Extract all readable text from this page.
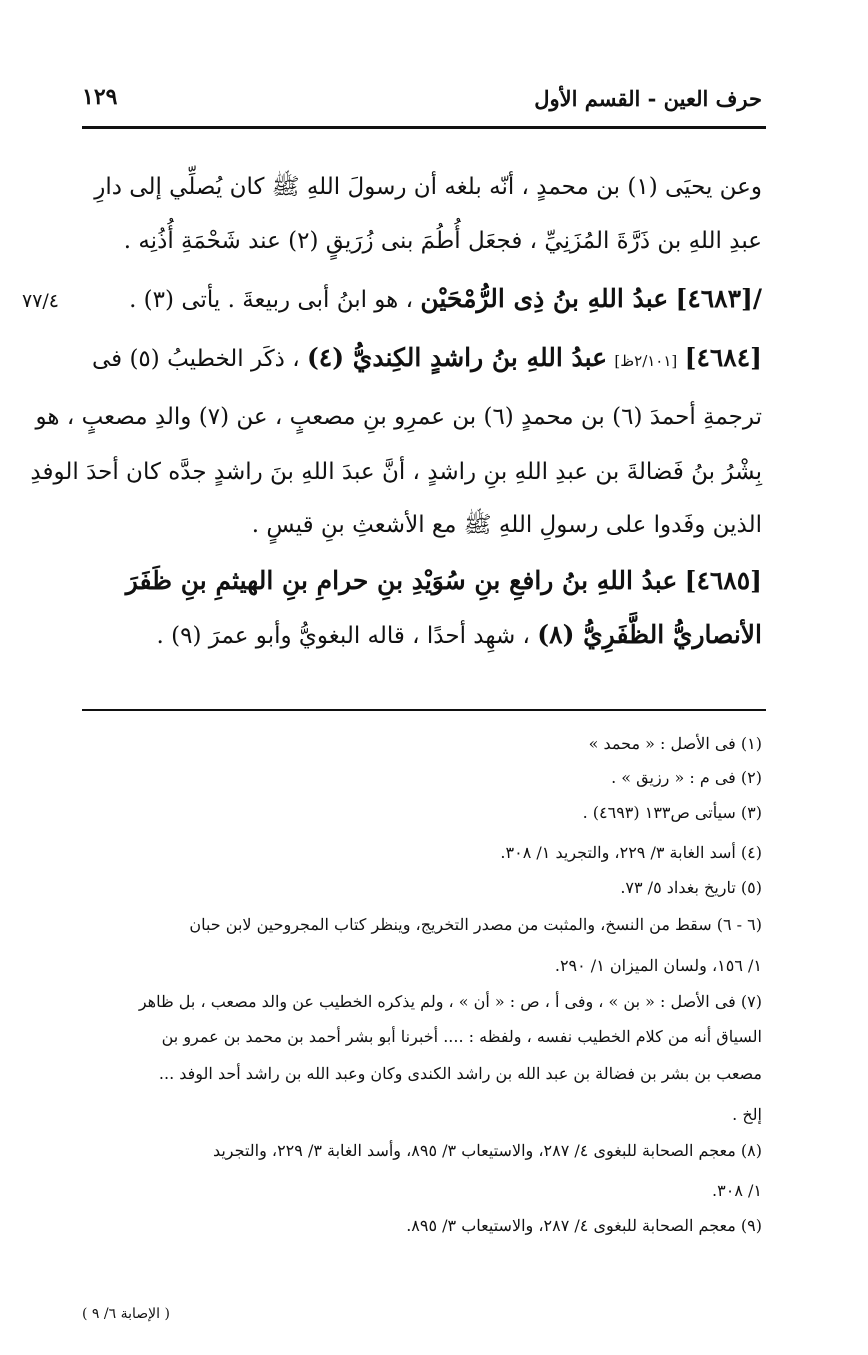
١٢٩	حرف العين - القسم الأول
٧٧/٤
وعن يحيَى (١) بن محمدٍ ، أنّه بلغه أن رسولَ اللهِ ﷺ كان يُصلِّي إلى دارِ
عبدِ اللهِ بن ذَرَّةَ المُزَنِيِّ ، فجعَل أُطُمَ بنى زُرَيقٍ (٢) عند شَحْمَةِ أُذُنِه .
/[٤٦٨٣] عبدُ اللهِ بنُ ذِى الرُّمْحَيْن ، هو ابنُ أبى ربيعةَ . يأتى (٣) .
[٤٦٨٤] [٢/١٠١ظ] عبدُ اللهِ بنُ راشدٍ الكِنديُّ (٤) ، ذكَر الخطيبُ (٥) فى
ترجمةِ أحمدَ (٦) بن محمدٍ (٦) بن عمرِو بنِ مصعبٍ ، عن (٧) والدِ مصعبٍ ، هو
بِشْرُ بنُ فَضالةَ بن عبدِ اللهِ بنِ راشدٍ ، أنَّ عبدَ اللهِ بنَ راشدٍ جدَّه كان أحدَ الوفدِ
الذين وفَدوا على رسولِ اللهِ ﷺ مع الأشعثِ بنِ قيسٍ .
[٤٦٨٥] عبدُ اللهِ بنُ رافعِ بنِ سُوَيْدِ بنِ حرامِ بنِ الهيثمِ بنِ ظَفَرَ
الأنصاريُّ الظَّفَرِيُّ (٨) ، شهِد أحدًا ، قاله البغويُّ وأبو عمرَ (٩) .
(١) فى الأصل : « محمد »
(٢) فى م : « رزيق » .
(٣) سيأتى ص١٣٣ (٤٦٩٣) .
(٤) أسد الغابة ٣/ ٢٢٩، والتجريد ١/ ٣٠٨.
(٥) تاريخ بغداد ٥/ ٧٣.
(٦ - ٦) سقط من النسخ، والمثبت من مصدر التخريج، وينظر كتاب المجروحين لابن حبان
١/ ١٥٦، ولسان الميزان ١/ ٢٩٠.
(٧) فى الأصل : « بن » ، وفى أ ، ص : « أن » ، ولم يذكره الخطيب عن والد مصعب ، بل ظاهر
السياق أنه من كلام الخطيب نفسه ، ولفظه : .... أخبرنا أبو بشر أحمد بن محمد بن عمرو بن
مصعب بن بشر بن فضالة بن عبد الله بن راشد الكندى وكان وعبد الله بن راشد أحد الوفد ...
إلخ .
(٨) معجم الصحابة للبغوى ٤/ ٢٨٧، والاستيعاب ٣/ ٨٩٥، وأسد الغابة ٣/ ٢٢٩، والتجريد
١/ ٣٠٨.
(٩) معجم الصحابة للبغوى ٤/ ٢٨٧، والاستيعاب ٣/ ٨٩٥.
( الإصابة ٦/ ٩ )
